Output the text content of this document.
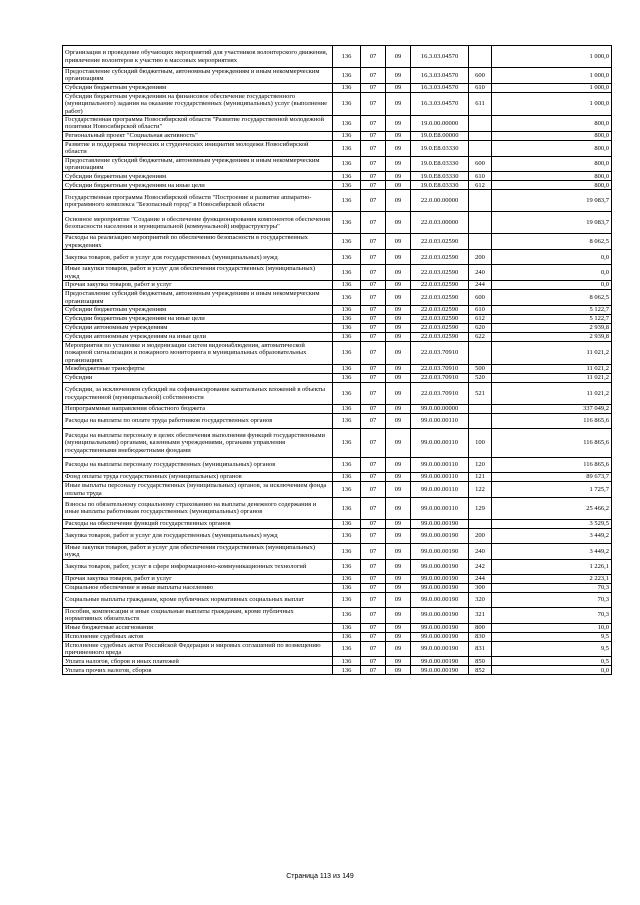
Организация и проведение обучающих мероприятий для участников волонтерского движения, привлечение волонтеров к участию в массовых мероприятиях	136	07	09	16.3.03.04570		1 000,0
Предоставление субсидий бюджетным, автономным учреждениям и иным некоммерческим организациям	136	07	09	16.3.03.04570	600	1 000,0
Субсидии бюджетным учреждениям	136	07	09	16.3.03.04570	610	1 000,0
Субсидии бюджетным учреждениям на финансовое обеспечение государственного (муниципального) задания на оказание государственных (муниципальных) услуг (выполнение работ)	136	07	09	16.3.03.04570	611	1 000,0
Государственная программа Новосибирской области "Развитие государственной молодежной политики Новосибирской области"	136	07	09	19.0.00.00000		800,0
Региональный проект "Социальная активность"	136	07	09	19.0.E8.00000		800,0
Развитие и поддержка творческих и студенческих инициатив молодежи Новосибирской области	136	07	09	19.0.E8.03330		800,0
Предоставление субсидий бюджетным, автономным учреждениям и иным некоммерческим организациям	136	07	09	19.0.E8.03330	600	800,0
Субсидии бюджетным учреждениям	136	07	09	19.0.E8.03330	610	800,0
Субсидии бюджетным учреждениям на иные цели	136	07	09	19.0.E8.03330	612	800,0
Государственная программа Новосибирской области "Построение и развитие аппаратно-программного комплекса "Безопасный город" в Новосибирской области	136	07	09	22.0.00.00000		19 083,7
Основное мероприятие "Создание и обеспечение функционирования компонентов обеспечения безопасности населения и муниципальной (коммунальной) инфраструктуры"	136	07	09	22.0.03.00000		19 083,7
Расходы на реализацию мероприятий по обеспечению безопасности в государственных учреждениях	136	07	09	22.0.03.02590		8 062,5
Закупка товаров, работ и услуг для государственных (муниципальных) нужд	136	07	09	22.0.03.02590	200	0,0
Иные закупки товаров, работ и услуг для обеспечения государственных (муниципальных) нужд	136	07	09	22.0.03.02590	240	0,0
Прочая закупка товаров, работ и услуг	136	07	09	22.0.03.02590	244	0,0
Предоставление субсидий бюджетным, автономным учреждениям и иным некоммерческим организациям	136	07	09	22.0.03.02590	600	8 062,5
Субсидии бюджетным учреждениям	136	07	09	22.0.03.02590	610	5 122,7
Субсидии бюджетным учреждениям на иные цели	136	07	09	22.0.03.02590	612	5 122,7
Субсидии автономным учреждениям	136	07	09	22.0.03.02590	620	2 939,8
Субсидии автономным учреждениям на иные цели	136	07	09	22.0.03.02590	622	2 939,8
Мероприятия по установке и модернизации систем видеонаблюдения, автоматической пожарной сигнализации и пожарного мониторинга в муниципальных образовательных организациях	136	07	09	22.0.03.70910		11 021,2
Межбюджетные трансферты	136	07	09	22.0.03.70910	500	11 021,2
Субсидии	136	07	09	22.0.03.70910	520	11 021,2
Субсидии, за исключением субсидий на софинансирование капитальных вложений в объекты государственной (муниципальной) собственности	136	07	09	22.0.03.70910	521	11 021,2
Непрограммные направления областного бюджета	136	07	09	99.0.00.00000		337 049,2
Расходы на выплаты по оплате труда работников государственных органов	136	07	09	99.0.00.00110		116 865,6
Расходы на выплаты персоналу в целях обеспечения выполнения функций государственными (муниципальными) органами, казенными учреждениями, органами управления государственными внебюджетными фондами	136	07	09	99.0.00.00110	100	116 865,6
Расходы на выплаты персоналу государственных (муниципальных) органов	136	07	09	99.0.00.00110	120	116 865,6
Фонд оплаты труда государственных (муниципальных) органов	136	07	09	99.0.00.00110	121	89 673,7
Иные выплаты персоналу государственных (муниципальных) органов, за исключением фонда оплаты труда	136	07	09	99.0.00.00110	122	1 725,7
Взносы по обязательному социальному страхованию на выплаты денежного содержания и иные выплаты работникам государственных (муниципальных) органов	136	07	09	99.0.00.00110	129	25 466,2
Расходы на обеспечение функций государственных органов	136	07	09	99.0.00.00190		3 529,5
Закупка товаров, работ и услуг для государственных (муниципальных) нужд	136	07	09	99.0.00.00190	200	3 449,2
Иные закупки товаров, работ и услуг для обеспечения государственных (муниципальных) нужд	136	07	09	99.0.00.00190	240	3 449,2
Закупка товаров, работ, услуг в сфере информационно-коммуникационных технологий	136	07	09	99.0.00.00190	242	1 226,1
Прочая закупка товаров, работ и услуг	136	07	09	99.0.00.00190	244	2 223,1
Социальное обеспечение и иные выплаты населению	136	07	09	99.0.00.00190	300	70,3
Социальные выплаты гражданам, кроме публичных нормативных социальных выплат	136	07	09	99.0.00.00190	320	70,3
Пособия, компенсации и иные социальные выплаты гражданам, кроме публичных нормативных обязательств	136	07	09	99.0.00.00190	321	70,3
Иные бюджетные ассигнования	136	07	09	99.0.00.00190	800	10,0
Исполнение судебных актов	136	07	09	99.0.00.00190	830	9,5
Исполнение судебных актов Российской Федерации и мировых соглашений по возмещению причиненного вреда	136	07	09	99.0.00.00190	831	9,5
Уплата налогов, сборов и иных платежей	136	07	09	99.0.00.00190	850	0,5
Уплата прочих налогов, сборов	136	07	09	99.0.00.00190	852	0,0
Страница 113 из 149
